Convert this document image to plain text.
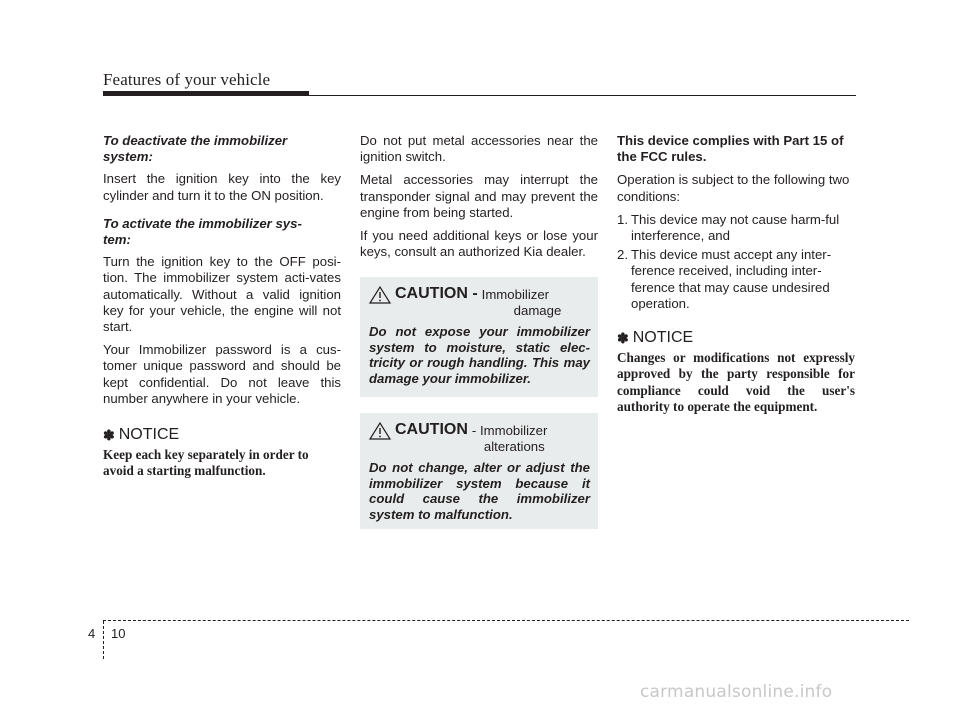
Features of your vehicle

To deactivate the immobilizer system:

Insert the ignition key into the key cylinder and turn it to the ON position.

To activate the immobilizer sys-tem:

Turn the ignition key to the OFF posi-tion. The immobilizer system acti-vates automatically. Without a valid ignition key for your vehicle, the engine will not start.

Your Immobilizer password is a cus-tomer unique password and should be kept confidential. Do not leave this number anywhere in your vehicle.

✽ NOTICE

Keep each key separately in order to avoid a starting malfunction.

Do not put metal accessories near the ignition switch.

Metal accessories may interrupt the transponder signal and may prevent the engine from being started.

If you need additional keys or lose your keys, consult an authorized Kia dealer.

CAUTION - Immobilizer
damage

Do not expose your immobilizer system to moisture, static elec-tricity or rough handling. This may damage your immobilizer.

CAUTION - Immobilizer
alterations

Do not change, alter or adjust the immobilizer system because it could cause the immobilizer system to malfunction.

This device complies with Part 15 of the FCC rules.

Operation is subject to the following two conditions:

1. This device may not cause harm-ful interference, and
2. This device must accept any inter-ference received, including inter-ference that may cause undesired operation.
✽ NOTICE

Changes or modifications not expressly approved by the party responsible for compliance could void the user's authority to operate the equipment.

4 10
carmanualsonline.info
